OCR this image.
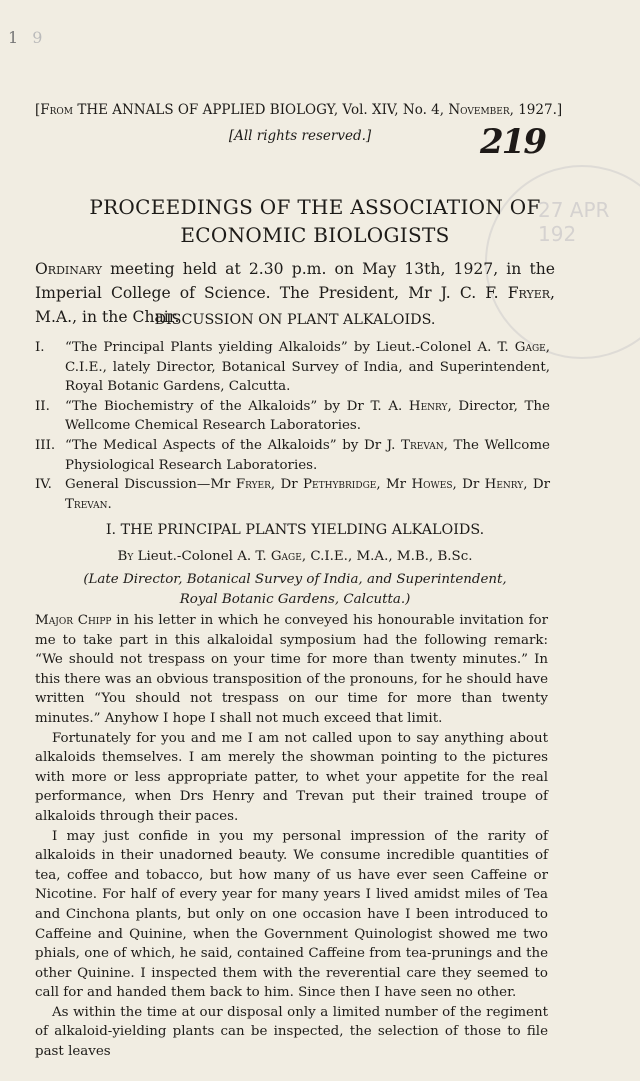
1 9
27 APR 192
219
[From THE ANNALS OF APPLIED BIOLOGY, Vol. XIV, No. 4, November, 1927.]
[All rights reserved.]
PROCEEDINGS OF THE ASSOCIATION OF
ECONOMIC BIOLOGISTS
Ordinary meeting held at 2.30 p.m. on May 13th, 1927, in the Imperial College of Science. The President, Mr J. C. F. Fryer, M.A., in the Chair.
DISCUSSION ON PLANT ALKALOIDS.
I. “The Principal Plants yielding Alkaloids” by Lieut.-Colonel A. T. Gage, C.I.E., lately Director, Botanical Survey of India, and Superintendent, Royal Botanic Gardens, Calcutta.
II. “The Biochemistry of the Alkaloids” by Dr T. A. Henry, Director, The Wellcome Chemical Research Laboratories.
III. “The Medical Aspects of the Alkaloids” by Dr J. Trevan, The Wellcome Physiological Research Laboratories.
IV. General Discussion—Mr Fryer, Dr Pethybridge, Mr Howes, Dr Henry, Dr Trevan.
I. THE PRINCIPAL PLANTS YIELDING ALKALOIDS.
By Lieut.-Colonel A. T. Gage, C.I.E., M.A., M.B., B.Sc.
(Late Director, Botanical Survey of India, and Superintendent,
Royal Botanic Gardens, Calcutta.)

Major Chipp in his letter in which he conveyed his honourable invitation for me to take part in this alkaloidal symposium had the following remark: “We should not trespass on your time for more than twenty minutes.” In this there was an obvious transposition of the pronouns, for he should have written “You should not trespass on our time for more than twenty minutes.” Anyhow I hope I shall not much exceed that limit.

Fortunately for you and me I am not called upon to say anything about alkaloids themselves. I am merely the showman pointing to the pictures with more or less appropriate patter, to whet your appetite for the real performance, when Drs Henry and Trevan put their trained troupe of alkaloids through their paces.

I may just confide in you my personal impression of the rarity of alkaloids in their unadorned beauty. We consume incredible quantities of tea, coffee and tobacco, but how many of us have ever seen Caffeine or Nicotine. For half of every year for many years I lived amidst miles of Tea and Cinchona plants, but only on one occasion have I been introduced to Caffeine and Quinine, when the Government Quinologist showed me two phials, one of which, he said, contained Caffeine from tea-prunings and the other Quinine. I inspected them with the reverential care they seemed to call for and handed them back to him. Since then I have seen no other.

As within the time at our disposal only a limited number of the regiment of alkaloid-yielding plants can be inspected, the selection of those to file past leaves
